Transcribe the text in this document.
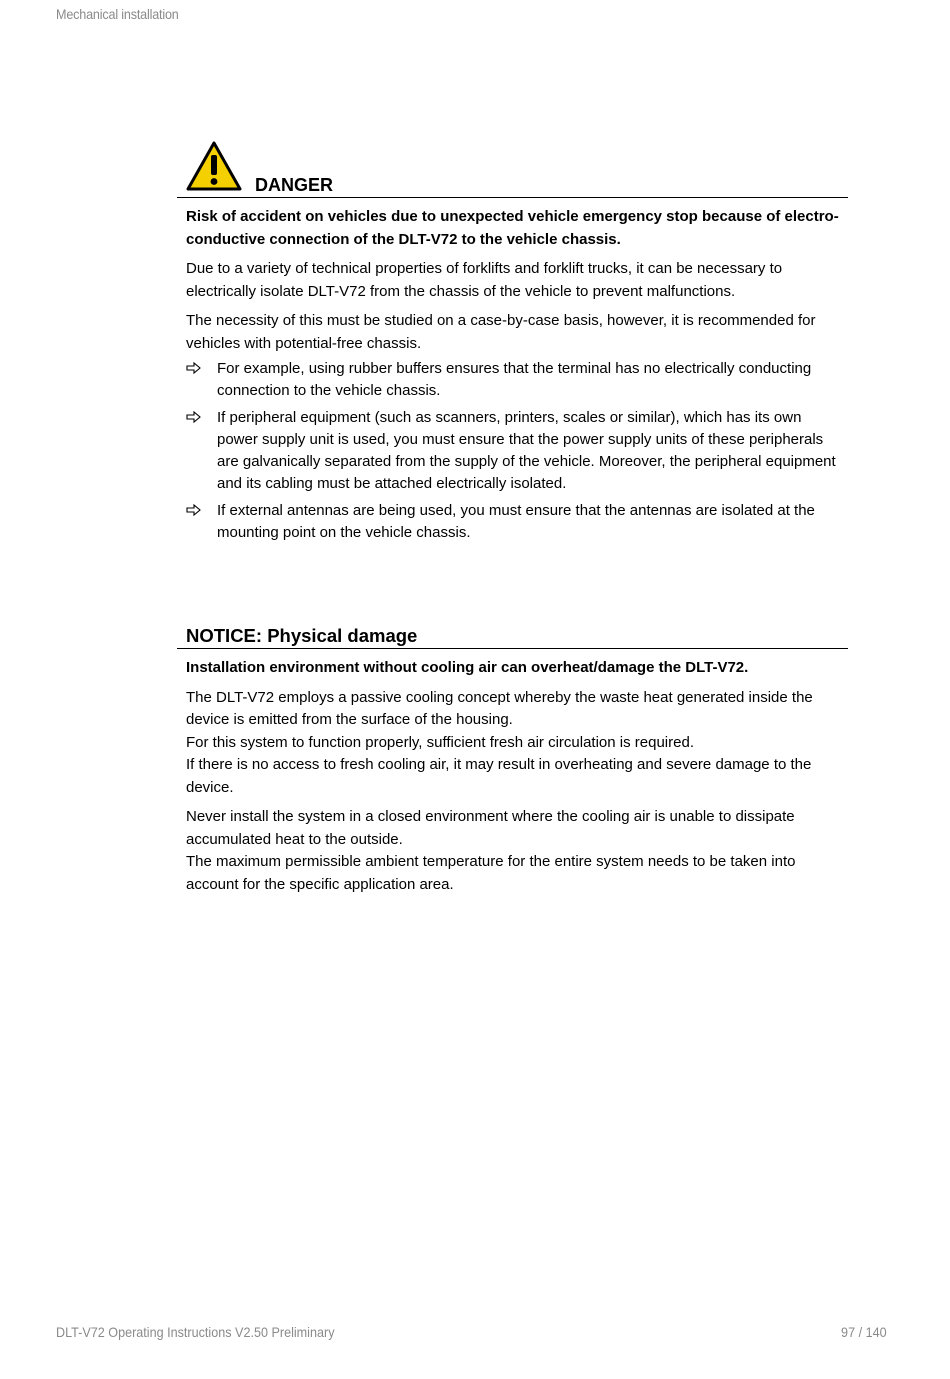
Mechanical installation
DANGER

Risk of accident on vehicles due to unexpected vehicle emergency stop because of electro-conductive connection of the DLT-V72 to the vehicle chassis.

Due to a variety of technical properties of forklifts and forklift trucks, it can be necessary to electrically isolate DLT-V72 from the chassis of the vehicle to prevent malfunctions.

The necessity of this must be studied on a case-by-case basis, however, it is recommended for vehicles with potential-free chassis.

For example, using rubber buffers ensures that the terminal has no electrically conducting connection to the vehicle chassis.
If peripheral equipment (such as scanners, printers, scales or similar), which has its own power supply unit is used, you must ensure that the power supply units of these peripherals are galvanically separated from the supply of the vehicle. Moreover, the peripheral equipment and its cabling must be attached electrically isolated.
If external antennas are being used, you must ensure that the antennas are isolated at the mounting point on the vehicle chassis.
NOTICE: Physical damage

Installation environment without cooling air can overheat/damage the DLT-V72.

The DLT-V72 employs a passive cooling concept whereby the waste heat generated inside the device is emitted from the surface of the housing.

For this system to function properly, sufficient fresh air circulation is required.

If there is no access to fresh cooling air, it may result in overheating and severe damage to the device.

Never install the system in a closed environment where the cooling air is unable to dissipate accumulated heat to the outside.

The maximum permissible ambient temperature for the entire system needs to be taken into account for the specific application area.

DLT-V72 Operating Instructions V2.50 Preliminary	97 / 140
